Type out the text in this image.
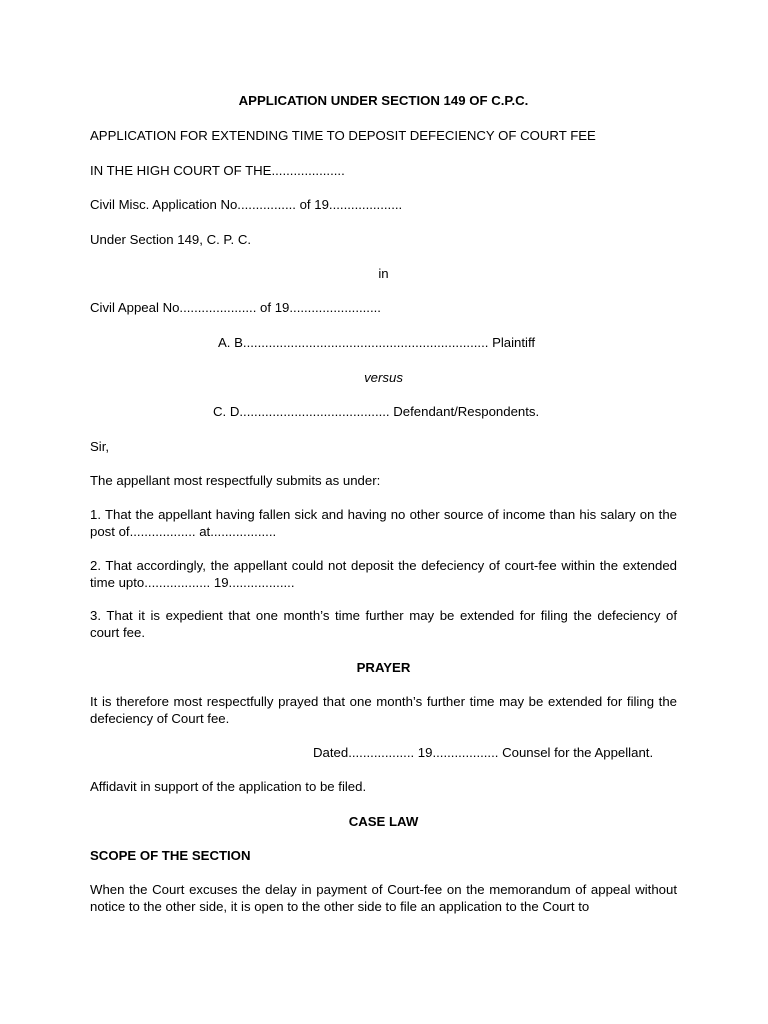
APPLICATION UNDER SECTION 149 OF C.P.C.
APPLICATION FOR EXTENDING TIME TO DEPOSIT DEFECIENCY OF COURT FEE
IN THE HIGH COURT OF THE....................
Civil Misc. Application No................ of 19....................
Under Section 149, C. P. C.
in
Civil Appeal No..................... of 19.........................
A. B................................................................... Plaintiff
versus
C. D......................................... Defendant/Respondents.
Sir,
The appellant most respectfully submits as under:
1. That the appellant having fallen sick and having no other source of income than his salary on the post of.................. at..................
2. That accordingly, the appellant could not deposit the defeciency of court-fee within the extended time upto.................. 19..................
3. That it is expedient that one month’s time further may be extended for filing the defeciency of court fee.
PRAYER
It is therefore most respectfully prayed that one month’s further time may be extended for filing the defeciency of Court fee.
Dated.................. 19.................. Counsel for the Appellant.
Affidavit in support of the application to be filed.
CASE LAW
SCOPE OF THE SECTION
When the Court excuses the delay in payment of Court-fee on the memorandum of appeal without notice to the other side, it is open to the other side to file an application to the Court to
